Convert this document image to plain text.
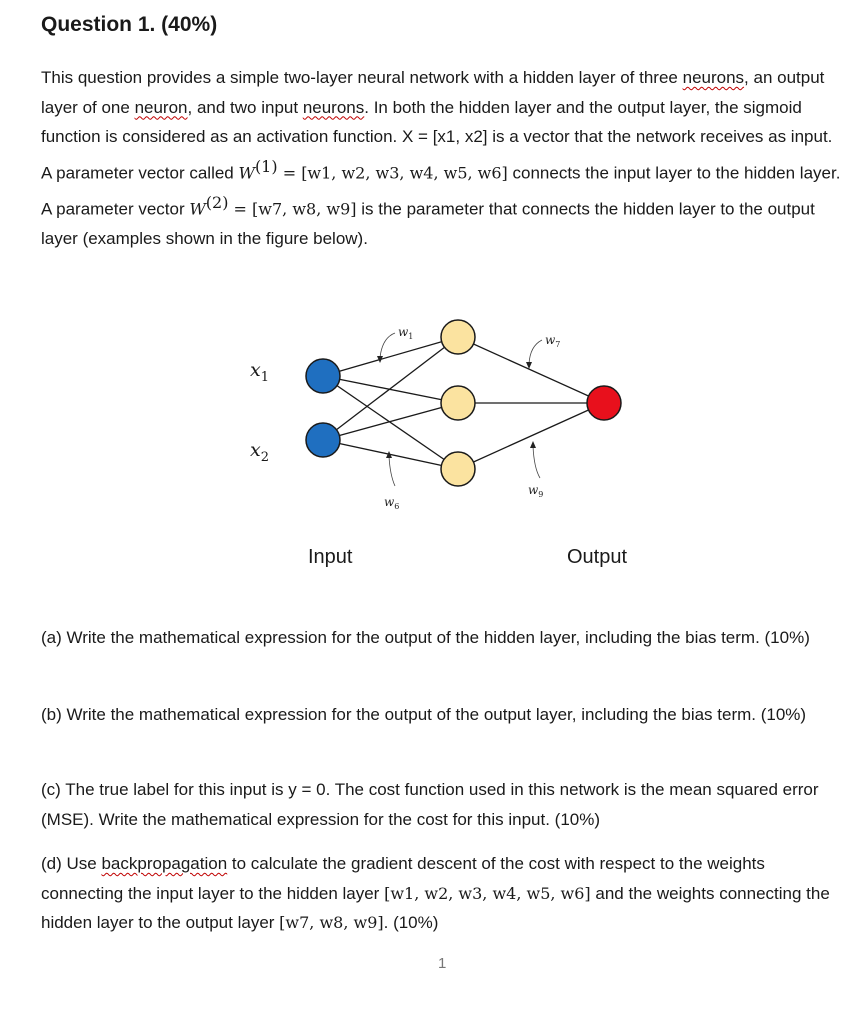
Question 1. (40%)

This question provides a simple two-layer neural network with a hidden layer of three neurons, an output layer of one neuron, and two input neurons. In both the hidden layer and the output layer, the sigmoid function is considered as an activation function. X = [x1, x2] is a vector that the network receives as input. A parameter vector called $W^{(1)} = [w1$, w2, w3, w4, w5, w6] connects the input layer to the hidden layer. A parameter vector $W^{(2)} = [w7$, w8, w9] is the parameter that connects the hidden layer to the output layer (examples shown in the figure below).

$x_1$
$x_2$
$w_1$
$w_6$
$w_7$
$w_9$
Input	Output

(a) Write the mathematical expression for the output of the hidden layer, including the bias term. (10%)

(b) Write the mathematical expression for the output of the output layer, including the bias term. (10%)

(c) The true label for this input is y = 0. The cost function used in this network is the mean squared error (MSE). Write the mathematical expression for the cost for this input. (10%)

(d) Use backpropagation to calculate the gradient descent of the cost with respect to the weights connecting the input layer to the hidden layer [w1, w2, w3, w4, w5, w6] and the weights connecting the hidden layer to the output layer [w7, w8, w9]. (10%)

1
